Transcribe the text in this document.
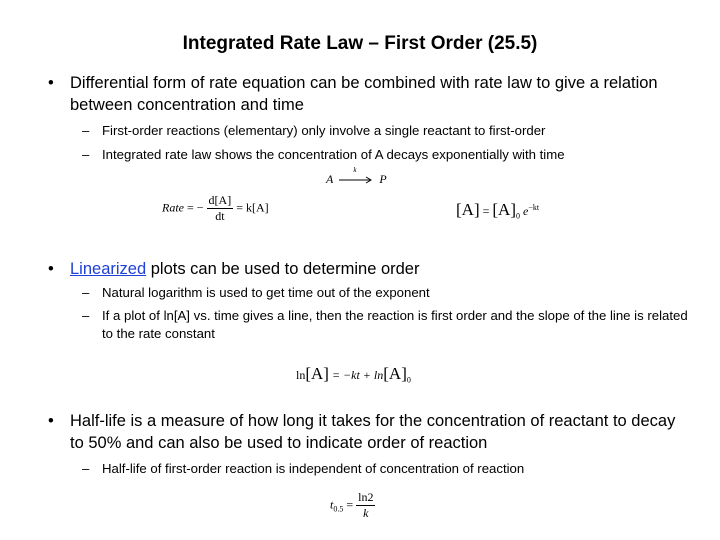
Integrated Rate Law – First Order (25.5)
• Differential form of rate equation can be combined with rate law to give a relation between concentration and time
– First-order reactions (elementary) only involve a single reactant to first-order
– Integrated rate law shows the concentration of A decays exponentially with time
A
k
P
Rate = − $\frac{d[A]}{dt} = k[A]$	$[A] = [A]_0$ $e^{-kt}$
• Linearized plots can be used to determine order
– Natural logarithm is used to get time out of the exponent
– If a plot of ln[A] vs. time gives a line, then the reaction is first order and the slope of the line is related to the rate constant
$\ln[A] = -kt + \ln[A]_0$
• Half-life is a measure of how long it takes for the concentration of reactant to decay to 50% and can also be used to indicate order of reaction
– Half-life of first-order reaction is independent of concentration of reaction
$t_{0.5} = \frac{\ln 2}{k}$
